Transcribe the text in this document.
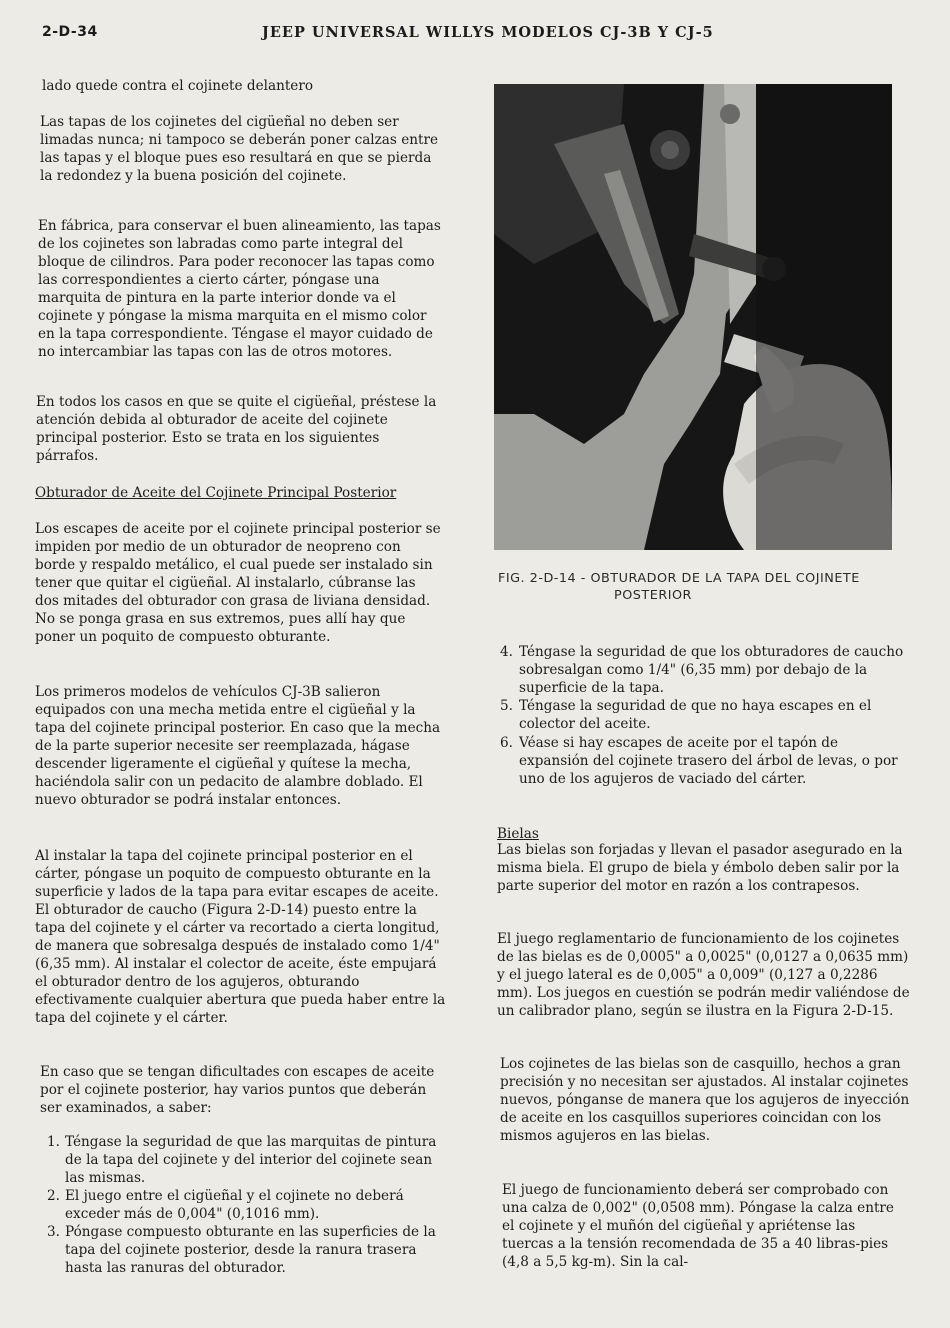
2-D-34	JEEP UNIVERSAL WILLYS MODELOS CJ-3B Y CJ-5

lado quede contra el cojinete delantero

Las tapas de los cojinetes del cigüeñal no deben ser limadas nunca; ni tampoco se deberán poner calzas entre las tapas y el bloque pues eso resultará en que se pierda la redondez y la buena posición del cojinete.

En fábrica, para conservar el buen alineamiento, las tapas de los cojinetes son labradas como parte integral del bloque de cilindros. Para poder reconocer las tapas como las correspondientes a cierto cárter, póngase una marquita de pintura en la parte interior donde va el cojinete y póngase la misma marquita en el mismo color en la tapa correspondiente. Téngase el mayor cuidado de no intercambiar las tapas con las de otros motores.

En todos los casos en que se quite el cigüeñal, préstese la atención debida al obturador de aceite del cojinete principal posterior. Esto se trata en los siguientes párrafos.

Obturador de Aceite del Cojinete Principal Posterior

Los escapes de aceite por el cojinete principal posterior se impiden por medio de un obturador de neopreno con borde y respaldo metálico, el cual puede ser instalado sin tener que quitar el cigüeñal. Al instalarlo, cúbranse las dos mitades del obturador con grasa de liviana densidad. No se ponga grasa en sus extremos, pues allí hay que poner un poquito de compuesto obturante.

Los primeros modelos de vehículos CJ-3B salieron equipados con una mecha metida entre el cigüeñal y la tapa del cojinete principal posterior. En caso que la mecha de la parte superior necesite ser reemplazada, hágase descender ligeramente el cigüeñal y quítese la mecha, haciéndola salir con un pedacito de alambre doblado. El nuevo obturador se podrá instalar entonces.

Al instalar la tapa del cojinete principal posterior en el cárter, póngase un poquito de compuesto obturante en la superficie y lados de la tapa para evitar escapes de aceite. El obturador de caucho (Figura 2-D-14) puesto entre la tapa del cojinete y el cárter va recortado a cierta longitud, de manera que sobresalga después de instalado como 1/4" (6,35 mm). Al instalar el colector de aceite, éste empujará el obturador dentro de los agujeros, obturando efectivamente cualquier abertura que pueda haber entre la tapa del cojinete y el cárter.

En caso que se tengan dificultades con escapes de aceite por el cojinete posterior, hay varios puntos que deberán ser examinados, a saber:

1. Téngase la seguridad de que las marquitas de pintura de la tapa del cojinete y del interior del cojinete sean las mismas.
2. El juego entre el cigüeñal y el cojinete no deberá exceder más de 0,004" (0,1016 mm).
3. Póngase compuesto obturante en las superficies de la tapa del cojinete posterior, desde la ranura trasera hasta las ranuras del obturador.
FIG. 2-D-14 - OBTURADOR DE LA TAPA DEL COJINETE
POSTERIOR
4. Téngase la seguridad de que los obturadores de caucho sobresalgan como 1/4" (6,35 mm) por debajo de la superficie de la tapa.
5. Téngase la seguridad de que no haya escapes en el colector del aceite.
6. Véase si hay escapes de aceite por el tapón de expansión del cojinete trasero del árbol de levas, o por uno de los agujeros de vaciado del cárter.

Bielas

Las bielas son forjadas y llevan el pasador asegurado en la misma biela. El grupo de biela y émbolo deben salir por la parte superior del motor en razón a los contrapesos.

El juego reglamentario de funcionamiento de los cojinetes de las bielas es de 0,0005" a 0,0025" (0,0127 a 0,0635 mm) y el juego lateral es de 0,005" a 0,009" (0,127 a 0,2286 mm). Los juegos en cuestión se podrán medir valiéndose de un calibrador plano, según se ilustra en la Figura 2-D-15.

Los cojinetes de las bielas son de casquillo, hechos a gran precisión y no necesitan ser ajustados. Al instalar cojinetes nuevos, pónganse de manera que los agujeros de inyección de aceite en los casquillos superiores coincidan con los mismos agujeros en las bielas.

El juego de funcionamiento deberá ser comprobado con una calza de 0,002" (0,0508 mm). Póngase la calza entre el cojinete y el muñón del cigüeñal y apriétense las tuercas a la tensión recomendada de 35 a 40 libras-pies (4,8 a 5,5 kg-m). Sin la cal-
